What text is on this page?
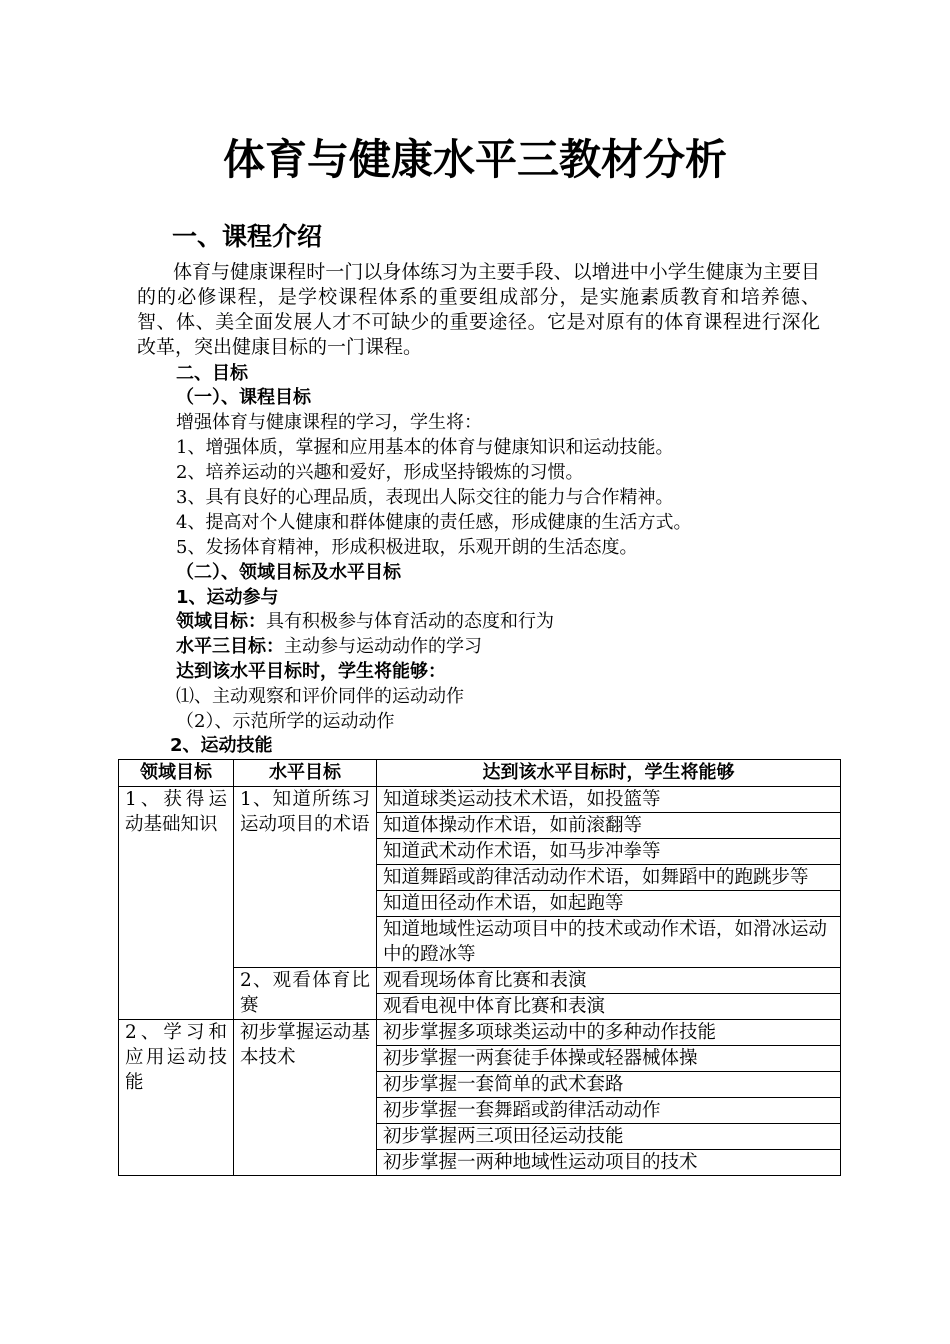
体育与健康水平三教材分析
一、课程介绍

体育与健康课程时一门以身体练习为主要手段、以增进中小学生健康为主要目的的必修课程，是学校课程体系的重要组成部分，是实施素质教育和培养德、智、体、美全面发展人才不可缺少的重要途径。它是对原有的体育课程进行深化改革，突出健康目标的一门课程。

二、目标
（一）、课程目标
增强体育与健康课程的学习，学生将：
1、增强体质，掌握和应用基本的体育与健康知识和运动技能。
2、培养运动的兴趣和爱好，形成坚持锻炼的习惯。
3、具有良好的心理品质，表现出人际交往的能力与合作精神。
4、提高对个人健康和群体健康的责任感，形成健康的生活方式。
5、发扬体育精神，形成积极进取，乐观开朗的生活态度。
（二）、领域目标及水平目标
1、运动参与
领域目标：具有积极参与体育活动的态度和行为
水平三目标：主动参与运动动作的学习
达到该水平目标时，学生将能够：
⑴、主动观察和评价同伴的运动动作
（2）、示范所学的运动动作
2、运动技能
领域目标	水平目标	达到该水平目标时，学生将能够
1、获得运动基础知识	1、知道所练习运动项目的术语	知道球类运动技术术语，如投篮等
		知道体操动作术语，如前滚翻等
		知道武术动作术语，如马步冲拳等
		知道舞蹈或韵律活动动作术语，如舞蹈中的跑跳步等
		知道田径动作术语，如起跑等
		知道地域性运动项目中的技术或动作术语，如滑冰运动中的蹬冰等
	2、观看体育比赛	观看现场体育比赛和表演
		观看电视中体育比赛和表演
2、学习和应用运动技能	初步掌握运动基本技术	初步掌握多项球类运动中的多种动作技能
		初步掌握一两套徒手体操或轻器械体操
		初步掌握一套简单的武术套路
		初步掌握一套舞蹈或韵律活动动作
		初步掌握两三项田径运动技能
		初步掌握一两种地域性运动项目的技术
